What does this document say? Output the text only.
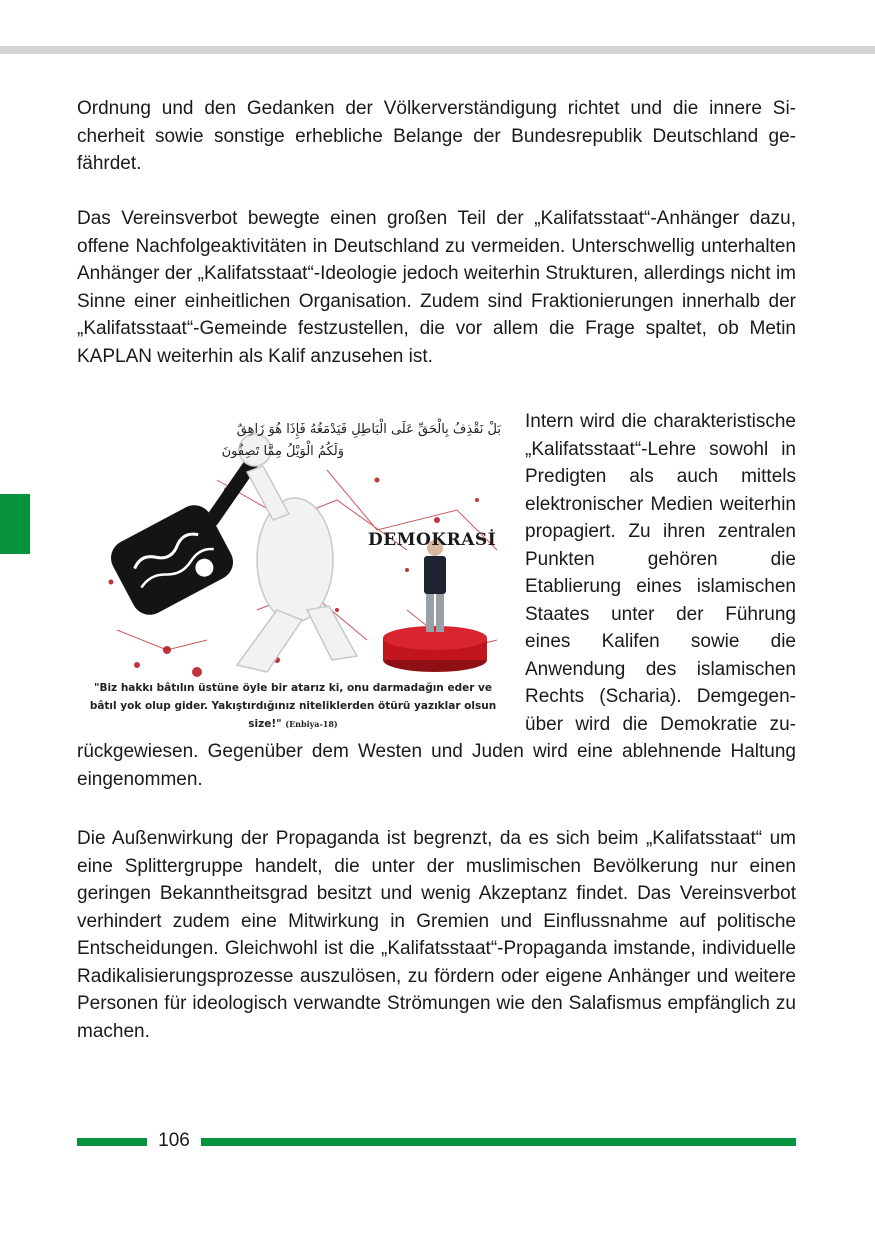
Ordnung und den Gedanken der Völkerverständigung richtet und die innere Sicherheit sowie sonstige erhebliche Belange der Bundesrepublik Deutschland gefährdet.

Das Vereinsverbot bewegte einen großen Teil der „Kalifatsstaat“-Anhänger dazu, offene Nachfolgeaktivitäten in Deutschland zu vermeiden. Unterschwellig unterhalten Anhänger der „Kalifatsstaat“-Ideologie jedoch weiterhin Strukturen, allerdings nicht im Sinne einer einheitlichen Organisation. Zudem sind Fraktionierungen innerhalb der „Kalifatsstaat“-Gemeinde festzustellen, die vor allem die Frage spaltet, ob Metin KAPLAN weiterhin als Kalif anzusehen ist.

بَلْ نَقْذِفُ بِالْحَقِّ عَلَى الْبَاطِلِ فَيَدْمَغُهُ فَإِذَا هُوَ زَاهِقٌ
وَلَكُمُ الْوَيْلُ مِمَّا تَصِفُونَ
DEMOKRASİ
"Biz hakkı bâtılın üstüne öyle bir atarız ki, onu darmadağın eder ve bâtıl yok olup gider. Yakıştırdığınız niteliklerden ötürü yazıklar olsun size!" (Enbiya-18)

Intern wird die charakteristische „Kalifatsstaat“-Lehre sowohl in Predigten als auch mittels elektronischer Medien weiterhin propagiert. Zu ihren zentralen Punkten gehören die Etablierung eines islamischen Staates unter der Führung eines Kalifen sowie die Anwendung des islamischen Rechts (Scharia). Demgegenüber wird die Demokratie zurückgewiesen. Gegenüber dem Westen und Juden wird eine ablehnende Haltung eingenommen.

Die Außenwirkung der Propaganda ist begrenzt, da es sich beim „Kalifatsstaat“ um eine Splittergruppe handelt, die unter der muslimischen Bevölkerung nur einen geringen Bekanntheitsgrad besitzt und wenig Akzeptanz findet. Das Vereinsverbot verhindert zudem eine Mitwirkung in Gremien und Einflussnahme auf politische Entscheidungen. Gleichwohl ist die „Kalifatsstaat“-Propaganda imstande, individuelle Radikalisierungsprozesse auszulösen, zu fördern oder eigene Anhänger und weitere Personen für ideologisch verwandte Strömungen wie den Salafismus empfänglich zu machen.

106
